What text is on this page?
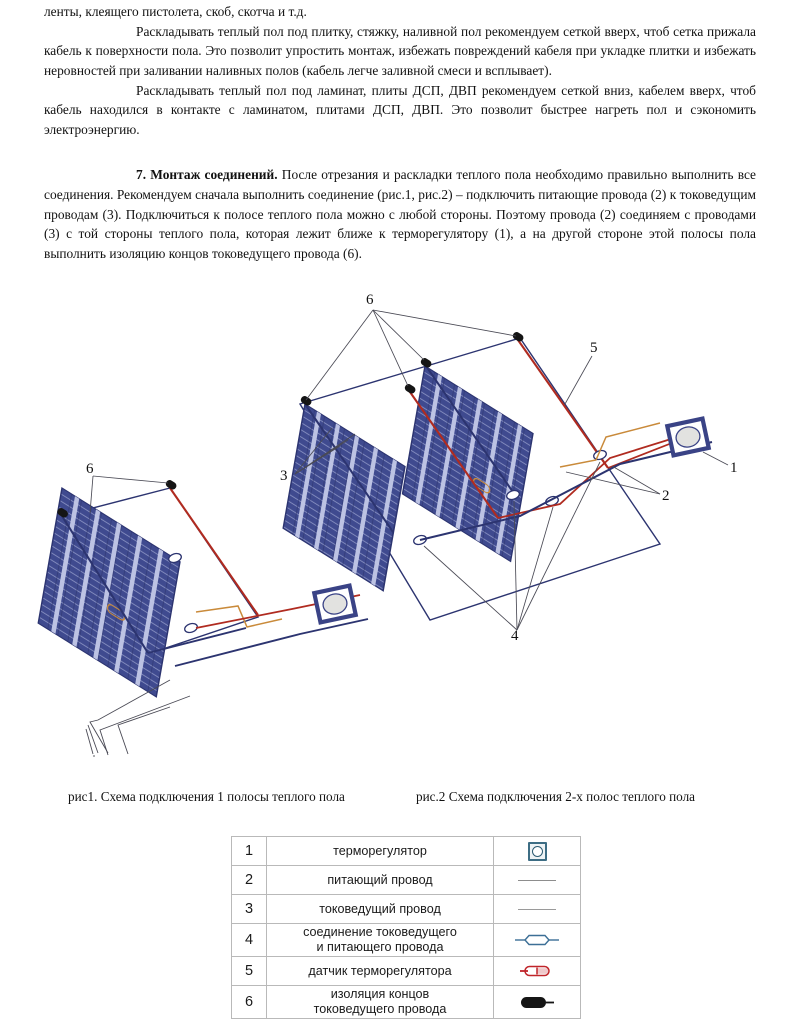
ленты, клеящего пистолета, скоб, скотча и т.д.

Раскладывать теплый пол под плитку, стяжку, наливной пол рекомендуем сеткой вверх, чтоб сетка прижала кабель к поверхности пола. Это позволит упростить монтаж, избежать повреждений кабеля при укладке плитки и избежать неровностей при заливании наливных полов (кабель легче заливной смеси и всплывает).

Раскладывать теплый пол под ламинат, плиты ДСП, ДВП рекомендуем сеткой вниз, кабелем вверх, чтоб кабель находился в контакте с ламинатом, плитами ДСП, ДВП. Это позволит быстрее нагреть пол и сэкономить электроэнергию.

7. Монтаж соединений. После отрезания и раскладки теплого пола необходимо правильно выполнить все соединения. Рекомендуем сначала выполнить соединение (рис.1, рис.2) – подключить питающие провода (2) к токоведущим проводам (3). Подключиться к полосе теплого пола можно с любой стороны. Поэтому провода (2) соединяем с проводами (3) с той стороны теплого пола, которая лежит ближе к терморегулятору (1), а на другой стороне этой полосы пола выполнить изоляцию концов токоведущего провода (6).

6
6
3
5
1
2
4
рис1. Схема подключения 1 полосы теплого пола	рис.2 Схема подключения 2-х полос теплого пола
1	терморегулятор	

2	питающий провод	

3	токоведущий провод	

4	соединение токоведущего
и питающего провода	

5	датчик терморегулятора	

6	изоляция концов
токоведущего провода	
